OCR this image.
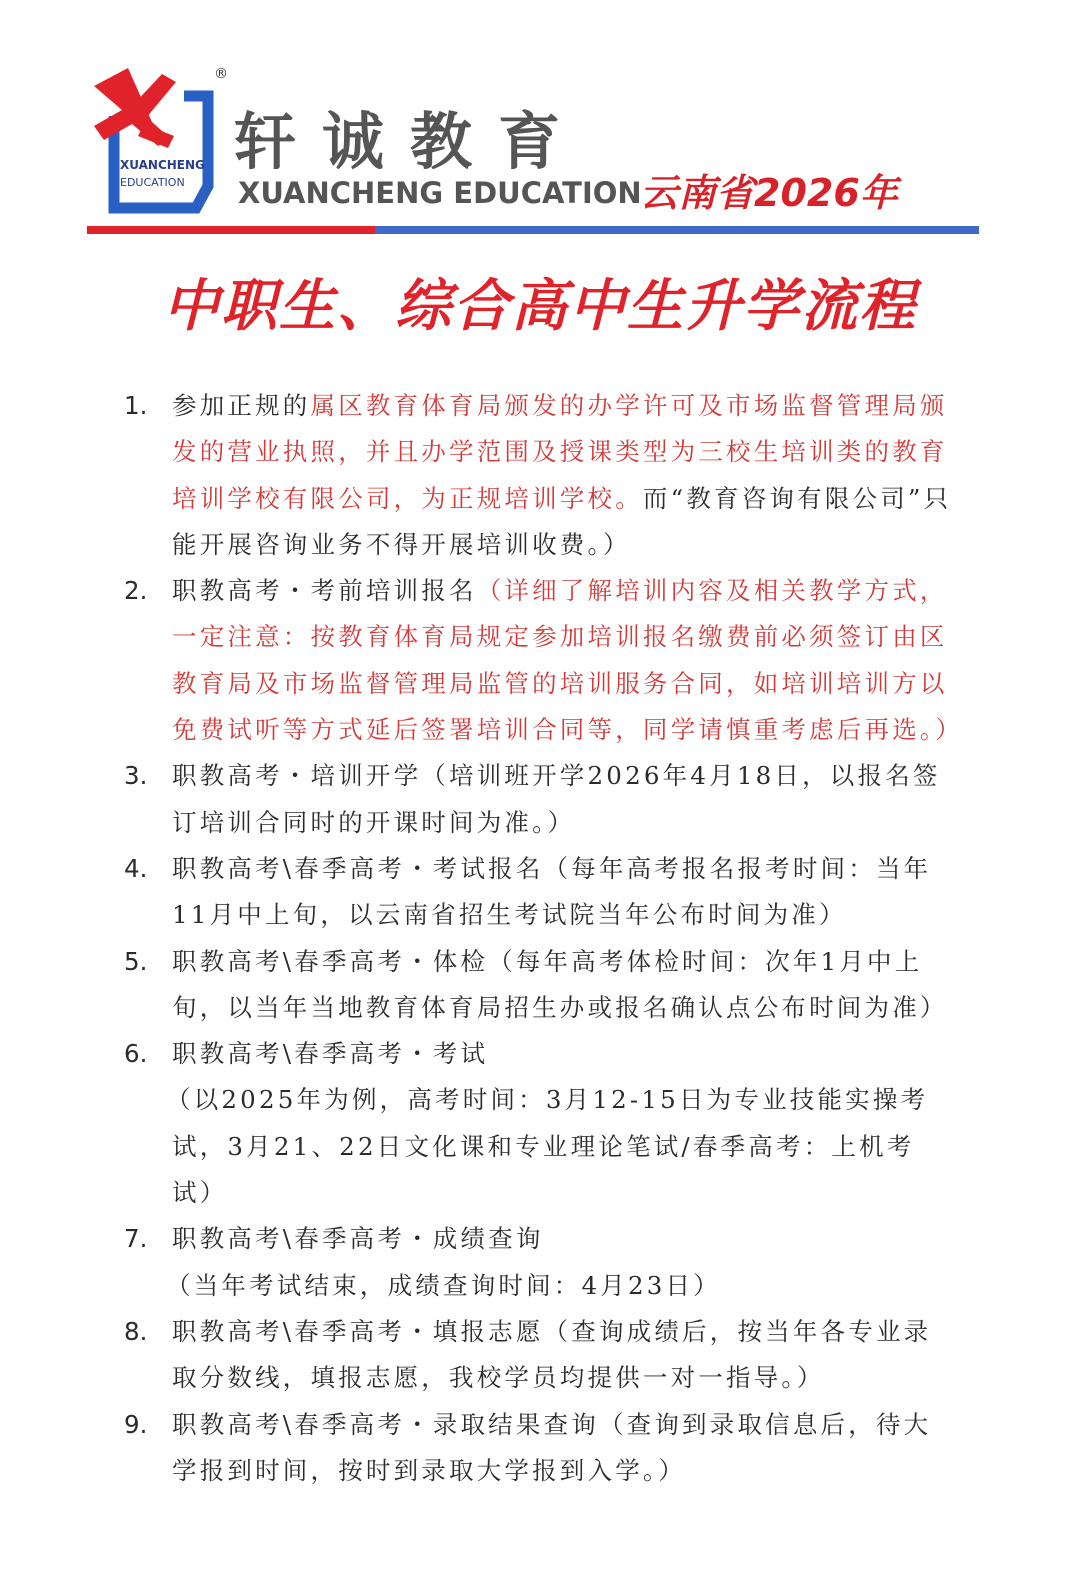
®
XUANCHENG
EDUCATION
轩诚教育
XUANCHENG EDUCATION
云南省2026年
中职生、综合高中生升学流程
1. 参加正规的属区教育体育局颁发的办学许可及市场监督管理局颁发的营业执照，并且办学范围及授课类型为三校生培训类的教育培训学校有限公司，为正规培训学校。而“教育咨询有限公司”只能开展咨询业务不得开展培训收费。）
2. 职教高考・考前培训报名（详细了解培训内容及相关教学方式，一定注意：按教育体育局规定参加培训报名缴费前必须签订由区教育局及市场监督管理局监管的培训服务合同，如培训培训方以免费试听等方式延后签署培训合同等，同学请慎重考虑后再选。）
3. 职教高考・培训开学（培训班开学2026年4月18日，以报名签订培训合同时的开课时间为准。）
4. 职教高考\春季高考・考试报名（每年高考报名报考时间：当年11月中上旬，以云南省招生考试院当年公布时间为准）
5. 职教高考\春季高考・体检（每年高考体检时间：次年1月中上旬，以当年当地教育体育局招生办或报名确认点公布时间为准）
6. 职教高考\春季高考・考试
（以2025年为例，高考时间：3月12-15日为专业技能实操考试，3月21、22日文化课和专业理论笔试/春季高考：上机考试）
7. 职教高考\春季高考・成绩查询
（当年考试结束，成绩查询时间：4月23日）
8. 职教高考\春季高考・填报志愿（查询成绩后，按当年各专业录取分数线，填报志愿，我校学员均提供一对一指导。）
9. 职教高考\春季高考・录取结果查询（查询到录取信息后，待大学报到时间，按时到录取大学报到入学。）
